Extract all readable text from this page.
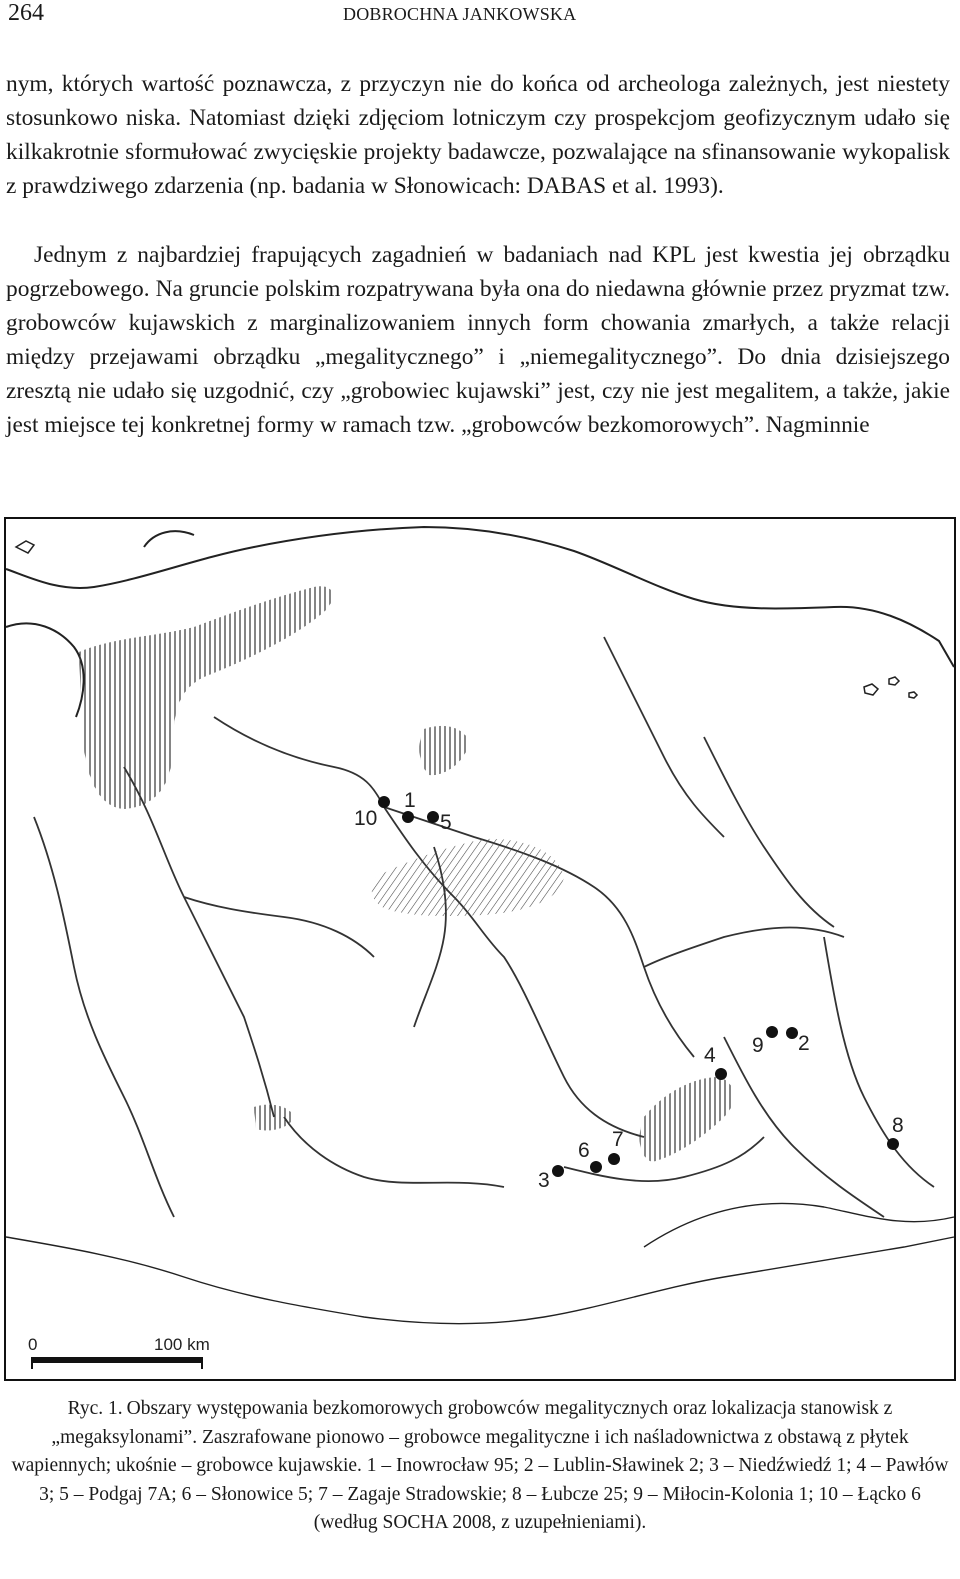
264	DOBROCHNA JANKOWSKA

nym, których wartość poznawcza, z przyczyn nie do końca od archeologa zależnych, jest niestety stosunkowo niska. Natomiast dzięki zdjęciom lotniczym czy prospekcjom geofizycznym udało się kilkakrotnie sformułować zwycięskie projekty badawcze, pozwalające na sfinansowanie wykopalisk z prawdziwego zdarzenia (np. badania w Słonowicach: DABAS et al. 1993).

Jednym z najbardziej frapujących zagadnień w badaniach nad KPL jest kwestia jej obrządku pogrzebowego. Na gruncie polskim rozpatrywana była ona do niedawna głównie przez pryzmat tzw. grobowców kujawskich z marginalizowaniem innych form chowania zmarłych, a także relacji między przejawami obrządku „megalitycznego” i „niemegalitycznego”. Do dnia dzisiejszego zresztą nie udało się uzgodnić, czy „grobowiec kujawski” jest, czy nie jest megalitem, a także, jakie jest miejsce tej konkretnej formy w ramach tzw. „grobowców bezkomorowych”. Nagminnie

1
10	5
4 9 2
8
6 7
3
0	100 km

Ryc. 1. Obszary występowania bezkomorowych grobowców megalitycznych oraz lokalizacja stanowisk z „megaksylonami”. Zaszrafowane pionowo – grobowce megalityczne i ich naśladownictwa z obstawą z płytek wapiennych; ukośnie – grobowce kujawskie. 1 – Inowrocław 95; 2 – Lublin-Sławinek 2; 3 – Niedźwiedź 1; 4 – Pawłów 3; 5 – Podgaj 7A; 6 – Słonowice 5; 7 – Zagaje Stradowskie; 8 – Łubcze 25; 9 – Miłocin-Kolonia 1; 10 – Łącko 6 (według SOCHA 2008, z uzupełnieniami).
